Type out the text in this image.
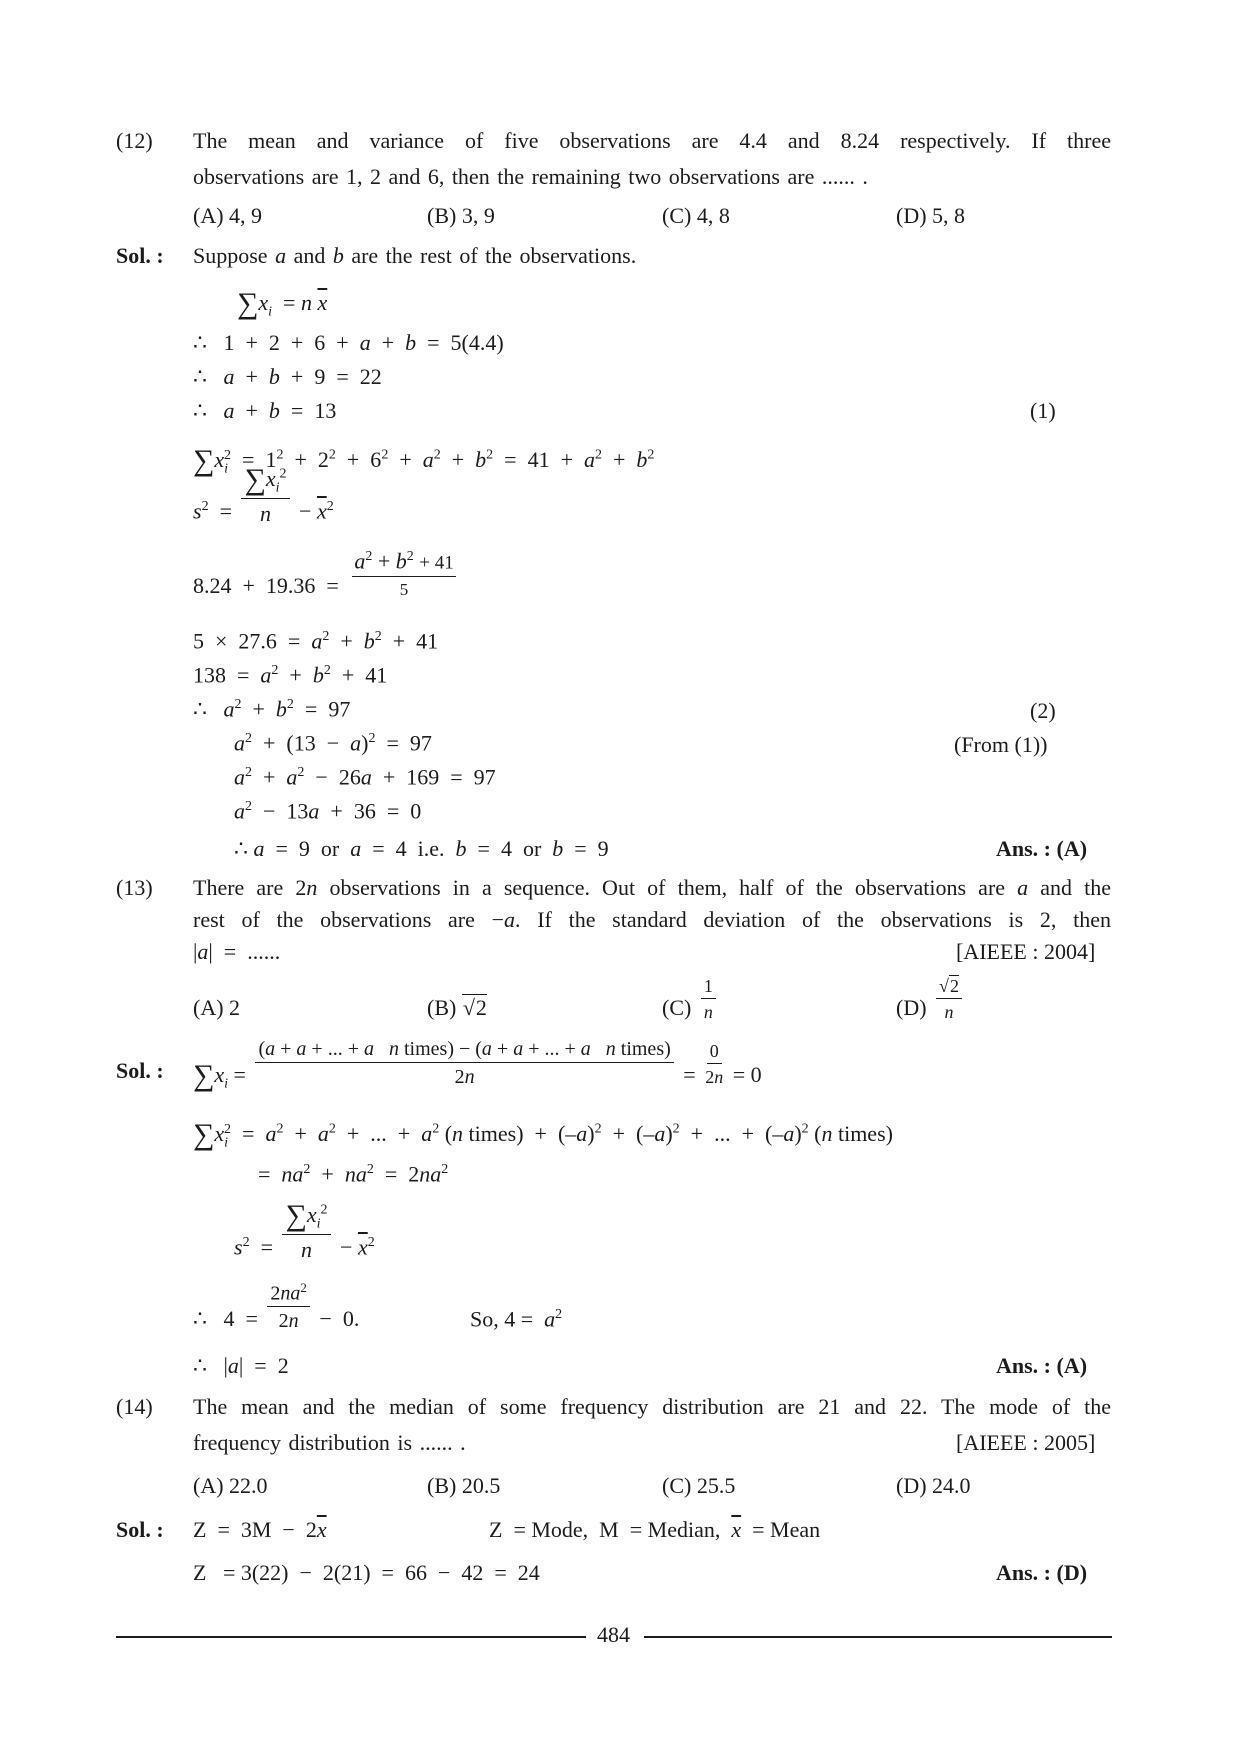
(12) The mean and variance of five observations are 4.4 and 8.24 respectively. If three
observations are 1, 2 and 6, then the remaining two observations are ...... .
(A) 4, 9	(B) 3, 9	(C) 4, 8	(D) 5, 8
Sol. : Suppose a and b are the rest of the observations.
$\sum x_i = n$ $\overline{x}$
∴   1  +  2  +  6  +  a  +  b  =  5(4.4)
∴   a  +  b  +  9  =  22
∴   a  +  b  =  13	(1)
$\sum x_i^2 = 1^2 + 2^2 + 6^2 + a^2 + b^2 = 41 + a^2 + b^2$
$s^2 = \frac{\sum x_i^2}{n} - \overline{x}^2$
$8.24 + 19.36 = \frac{a^2 + b^2 + 41}{5}$
$5 \times 27.6 = a^2 + b^2 + 41$
$138 = a^2 + b^2 + 41$
∴   $a^2 + b^2 = 97$	(2)
$a^2 + (13 - a)^2 = 97$	(From (1))
$a^2 + a^2 - 26a + 169 = 97$
$a^2 - 13a + 36 = 0$
∴ a  =  9  or  a  =  4  i.e.  b  =  4  or  b  =  9	Ans. : (A)
(13) There are 2n observations in a sequence. Out of them, half of the observations are a and the
rest of the observations are −a. If the standard deviation of the observations is 2, then
|a|  =  ......	[AIEEE : 2004]
(A) 2	(B) √2	$(C) \frac{1}{n}$	$(D) \frac{√2}{n}$
Sol. : $\sum x_i = \frac{\text{(a + a + ... + a n times) − (a + a + ... + a n times)}}{2n} = \frac{0}{2n} = 0$
$\sum x_i^2 = a^2 + a^2$  +  ...  +  $a^2$ (n times)  +  $(-a)^2 + (-a)^2$  +  ...  +  $(-a)^2$ (n times)
=  $na^2 + na^2 = 2na^2$
$s^2 = \frac{\sum x_i^2}{n} - \overline{x}^2$
∴   $4 = \frac{2na^2}{2n} - 0$.	So, $4 = a^2$
∴   |a|  =  2	Ans. : (A)
(14) The mean and the median of some frequency distribution are 21 and 22. The mode of the
frequency distribution is ...... .	[AIEEE : 2005]
(A) 22.0	(B) 20.5	(C) 25.5	(D) 24.0
Sol. : $Z = 3M - 2\overline{x}$	Z  = Mode,  M  = Median,  $\overline{x}$  = Mean
Z   = 3(22)  −  2(21)  =  66  −  42  =  24	Ans. : (D)
484
